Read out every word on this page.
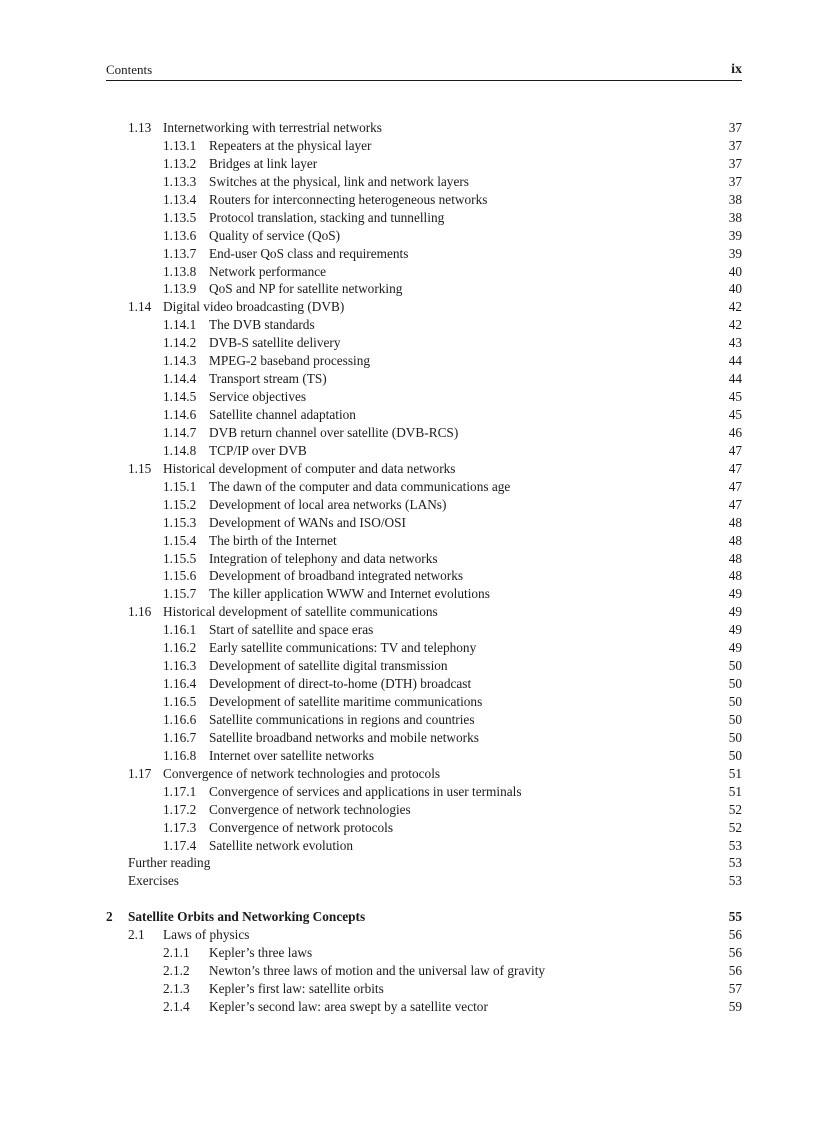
Contents	ix
1.13 Internetworking with terrestrial networks	37
1.13.1 Repeaters at the physical layer	37
1.13.2 Bridges at link layer	37
1.13.3 Switches at the physical, link and network layers	37
1.13.4 Routers for interconnecting heterogeneous networks	38
1.13.5 Protocol translation, stacking and tunnelling	38
1.13.6 Quality of service (QoS)	39
1.13.7 End-user QoS class and requirements	39
1.13.8 Network performance	40
1.13.9 QoS and NP for satellite networking	40
1.14 Digital video broadcasting (DVB)	42
1.14.1 The DVB standards	42
1.14.2 DVB-S satellite delivery	43
1.14.3 MPEG-2 baseband processing	44
1.14.4 Transport stream (TS)	44
1.14.5 Service objectives	45
1.14.6 Satellite channel adaptation	45
1.14.7 DVB return channel over satellite (DVB-RCS)	46
1.14.8 TCP/IP over DVB	47
1.15 Historical development of computer and data networks	47
1.15.1 The dawn of the computer and data communications age	47
1.15.2 Development of local area networks (LANs)	47
1.15.3 Development of WANs and ISO/OSI	48
1.15.4 The birth of the Internet	48
1.15.5 Integration of telephony and data networks	48
1.15.6 Development of broadband integrated networks	48
1.15.7 The killer application WWW and Internet evolutions	49
1.16 Historical development of satellite communications	49
1.16.1 Start of satellite and space eras	49
1.16.2 Early satellite communications: TV and telephony	49
1.16.3 Development of satellite digital transmission	50
1.16.4 Development of direct-to-home (DTH) broadcast	50
1.16.5 Development of satellite maritime communications	50
1.16.6 Satellite communications in regions and countries	50
1.16.7 Satellite broadband networks and mobile networks	50
1.16.8 Internet over satellite networks	50
1.17 Convergence of network technologies and protocols	51
1.17.1 Convergence of services and applications in user terminals	51
1.17.2 Convergence of network technologies	52
1.17.3 Convergence of network protocols	52
1.17.4 Satellite network evolution	53
Further reading	53
Exercises	53
2 Satellite Orbits and Networking Concepts	55
2.1 Laws of physics	56
2.1.1 Kepler’s three laws	56
2.1.2 Newton’s three laws of motion and the universal law of gravity	56
2.1.3 Kepler’s first law: satellite orbits	57
2.1.4 Kepler’s second law: area swept by a satellite vector	59
